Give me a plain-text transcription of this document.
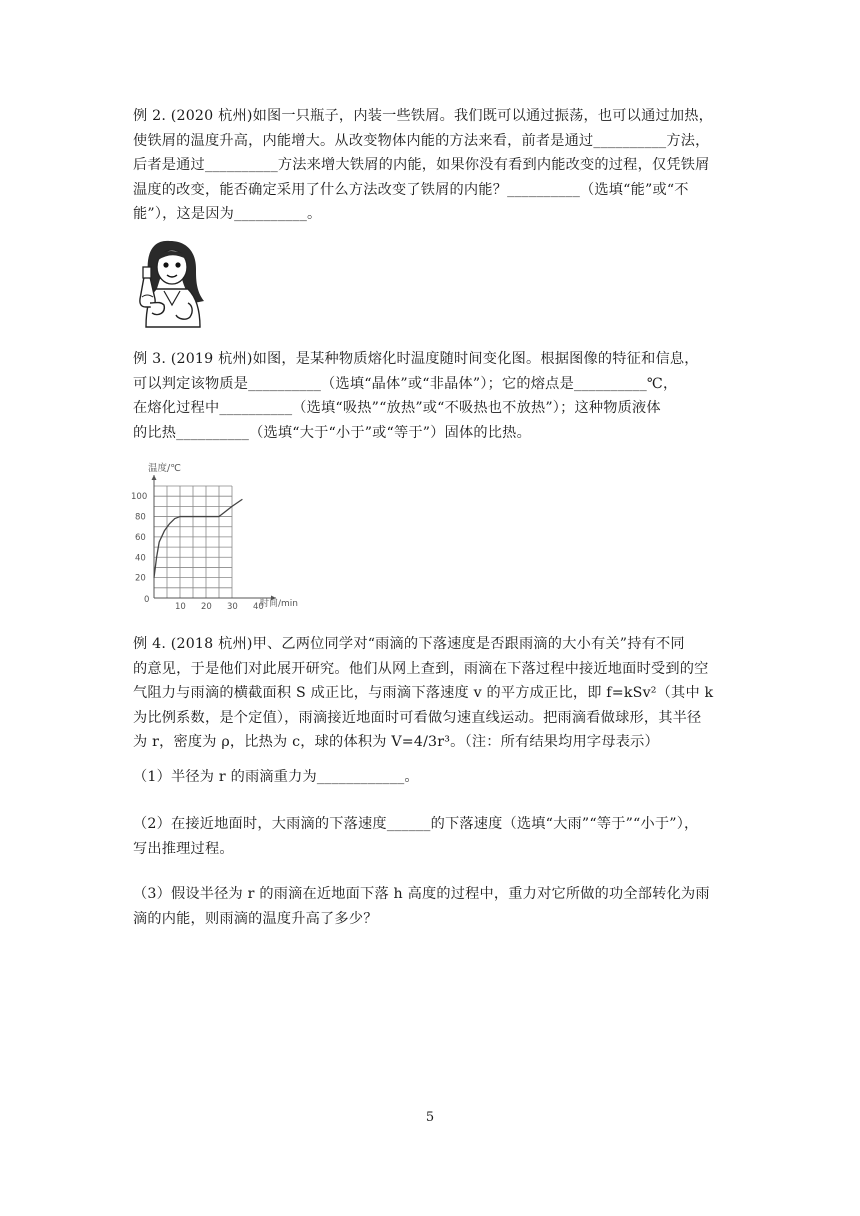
例 2. (2020 杭州)如图一只瓶子，内装一些铁屑。我们既可以通过振荡，也可以通过加热，
使铁屑的温度升高，内能增大。从改变物体内能的方法来看，前者是通过__________方法，
后者是通过__________方法来增大铁屑的内能，如果你没有看到内能改变的过程，仅凭铁屑
温度的改变，能否确定采用了什么方法改变了铁屑的内能？__________（选填“能”或“不
能”），这是因为__________。
例 3. (2019 杭州)如图，是某种物质熔化时温度随时间变化图。根据图像的特征和信息，
可以判定该物质是__________（选填“晶体”或“非晶体”）；它的熔点是__________℃，
在熔化过程中__________（选填“吸热”“放热”或“不吸热也不放热”）；这种物质液体
的比热__________（选填“大于“小于”或“等于”）固体的比热。
0
10 20 30 40
20
40
60
80
100
温度/℃
时间/min
例 4. (2018 杭州)甲、乙两位同学对“雨滴的下落速度是否跟雨滴的大小有关”持有不同
的意见，于是他们对此展开研究。他们从网上查到，雨滴在下落过程中接近地面时受到的空
气阻力与雨滴的横截面积 S 成正比，与雨滴下落速度 v 的平方成正比，即 f=kSv²（其中 k
为比例系数，是个定值），雨滴接近地面时可看做匀速直线运动。把雨滴看做球形，其半径
为 r，密度为 ρ，比热为 c，球的体积为 V=4/3r³。（注：所有结果均用字母表示）
（1）半径为 r 的雨滴重力为____________。
（2）在接近地面时，大雨滴的下落速度______的下落速度（选填“大雨”“等于”“小于”），
写出推理过程。
（3）假设半径为 r 的雨滴在近地面下落 h 高度的过程中，重力对它所做的功全部转化为雨
滴的内能，则雨滴的温度升高了多少？
5
